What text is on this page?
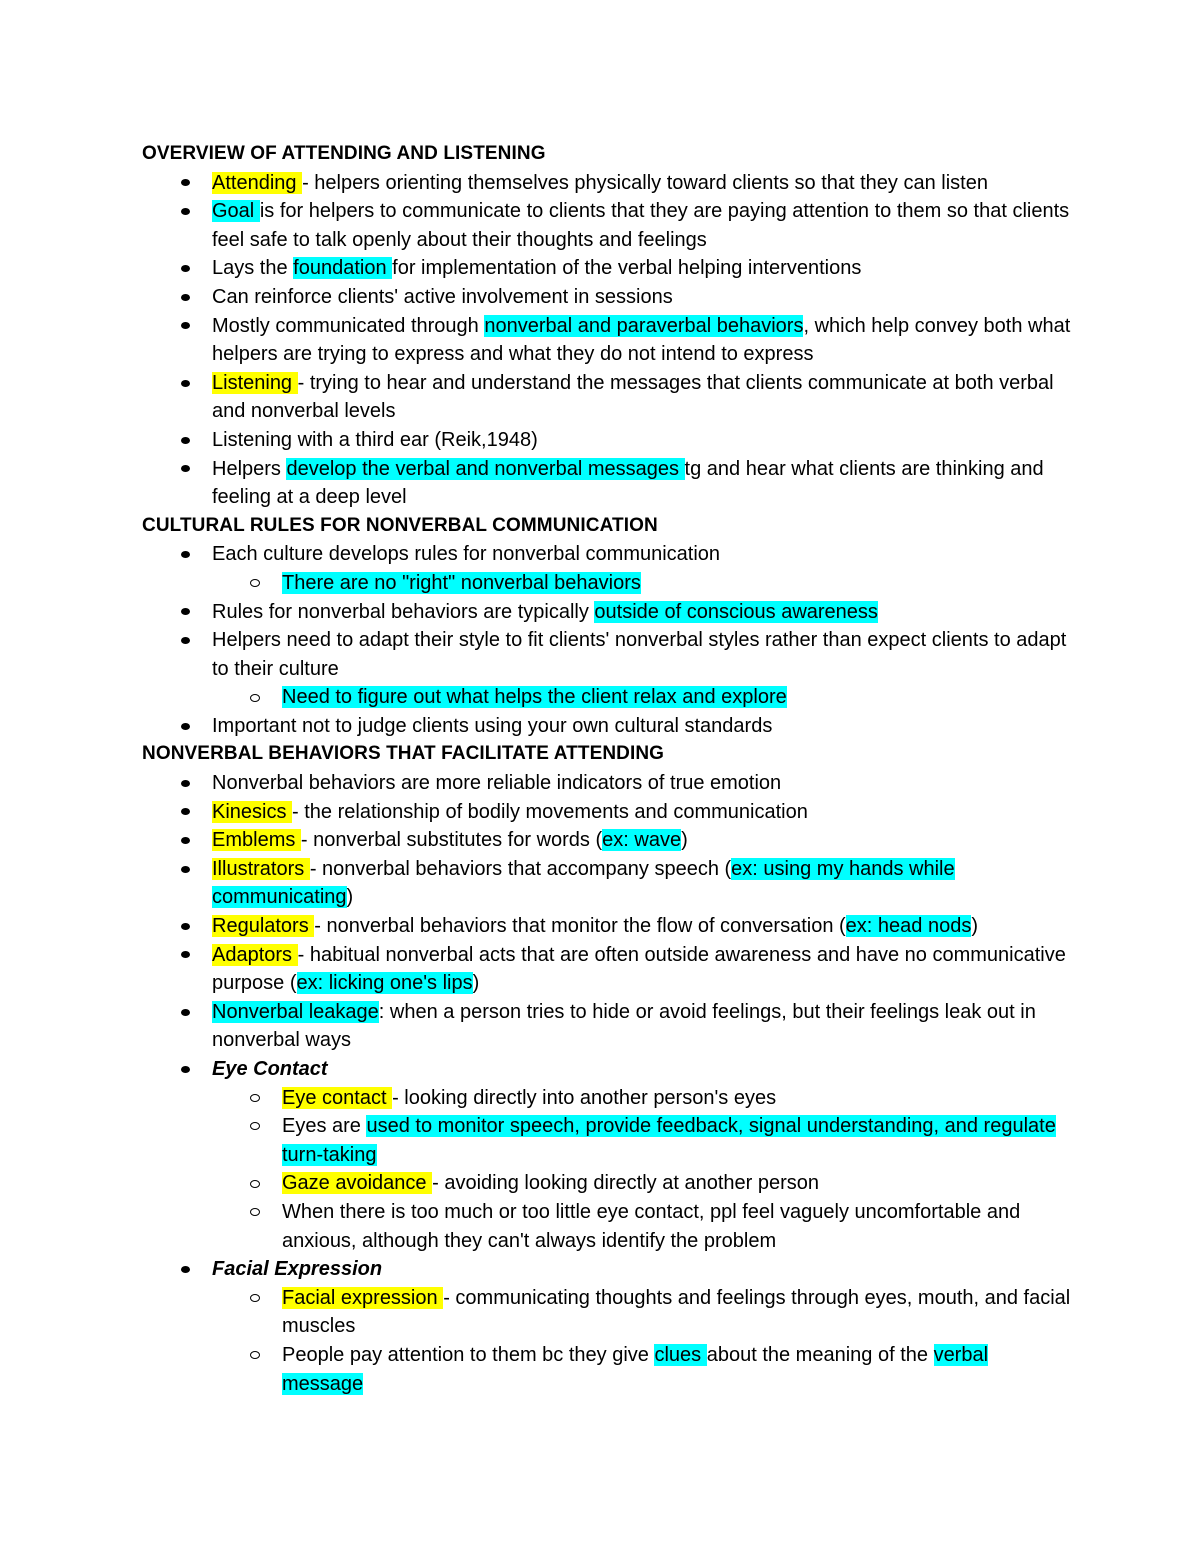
OVERVIEW OF ATTENDING AND LISTENING
Attending - helpers orienting themselves physically toward clients so that they can listen
Goal is for helpers to communicate to clients that they are paying attention to them so that clients feel safe to talk openly about their thoughts and feelings
Lays the foundation for implementation of the verbal helping interventions
Can reinforce clients' active involvement in sessions
Mostly communicated through nonverbal and paraverbal behaviors, which help convey both what helpers are trying to express and what they do not intend to express
Listening - trying to hear and understand the messages that clients communicate at both verbal and nonverbal levels
Listening with a third ear (Reik,1948)
Helpers develop the verbal and nonverbal messages tg and hear what clients are thinking and feeling at a deep level
CULTURAL RULES FOR NONVERBAL COMMUNICATION
Each culture develops rules for nonverbal communication
There are no "right" nonverbal behaviors
Rules for nonverbal behaviors are typically outside of conscious awareness
Helpers need to adapt their style to fit clients' nonverbal styles rather than expect clients to adapt to their culture
Need to figure out what helps the client relax and explore
Important not to judge clients using your own cultural standards
NONVERBAL BEHAVIORS THAT FACILITATE ATTENDING
Nonverbal behaviors are more reliable indicators of true emotion
Kinesics - the relationship of bodily movements and communication
Emblems - nonverbal substitutes for words (ex: wave)
Illustrators - nonverbal behaviors that accompany speech (ex: using my hands while communicating)
Regulators - nonverbal behaviors that monitor the flow of conversation (ex: head nods)
Adaptors - habitual nonverbal acts that are often outside awareness and have no communicative purpose (ex: licking one's lips)
Nonverbal leakage: when a person tries to hide or avoid feelings, but their feelings leak out in nonverbal ways
Eye Contact
Eye contact - looking directly into another person's eyes
Eyes are used to monitor speech, provide feedback, signal understanding, and regulate turn-taking
Gaze avoidance - avoiding looking directly at another person
When there is too much or too little eye contact, ppl feel vaguely uncomfortable and anxious, although they can't always identify the problem
Facial Expression
Facial expression - communicating thoughts and feelings through eyes, mouth, and facial muscles
People pay attention to them bc they give clues about the meaning of the verbal message
